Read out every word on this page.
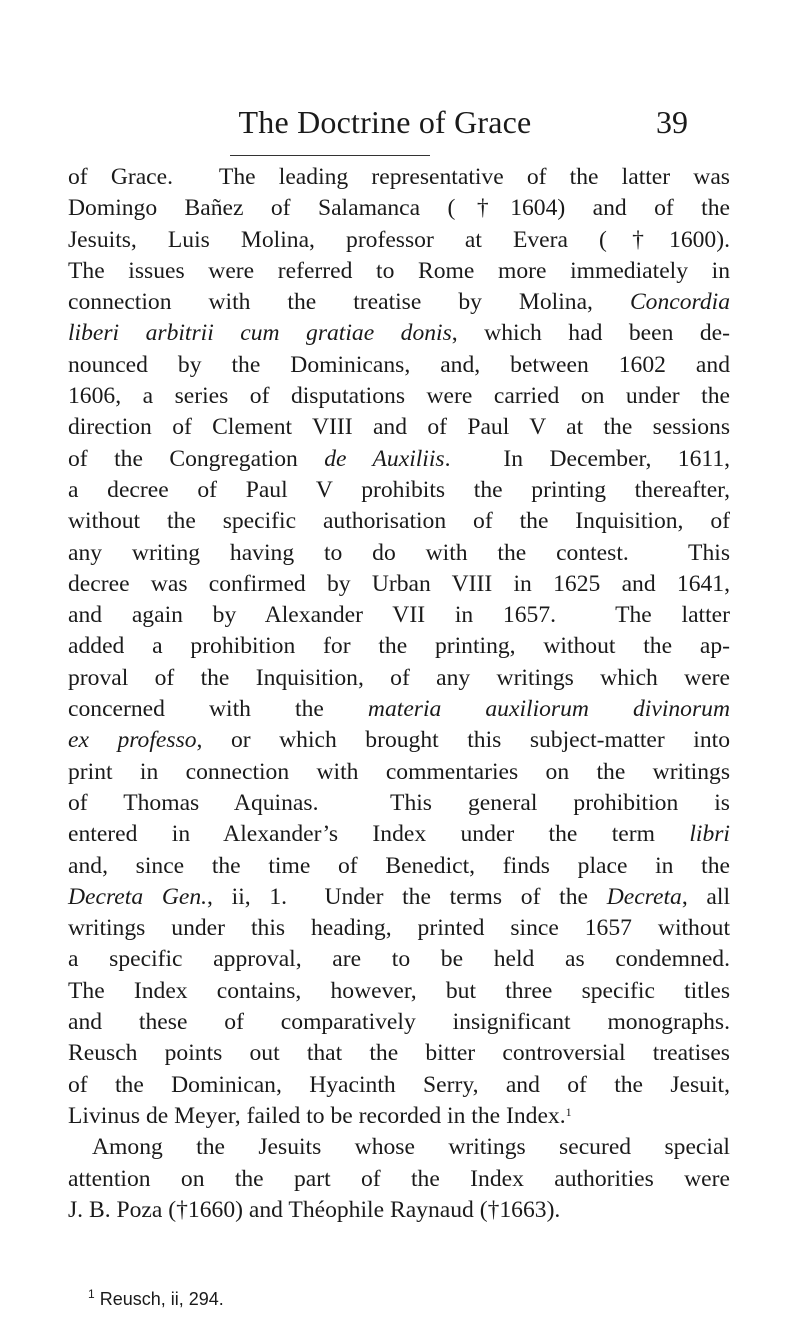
The Doctrine of Grace	39
of Grace.  The leading representative of the latter was
Domingo Bañez of Salamanca (†1604) and of the
Jesuits, Luis Molina, professor at Evera (†1600).
The issues were referred to Rome more immediately in
connection with the treatise by Molina, Concordia
liberi arbitrii cum gratiae donis, which had been de-
nounced by the Dominicans, and, between 1602 and
1606, a series of disputations were carried on under the
direction of Clement VIII and of Paul V at the sessions
of the Congregation de Auxiliis.  In December, 1611,
a decree of Paul V prohibits the printing thereafter,
without the specific authorisation of the Inquisition, of
any writing having to do with the contest.  This
decree was confirmed by Urban VIII in 1625 and 1641,
and again by Alexander VII in 1657.  The latter
added a prohibition for the printing, without the ap-
proval of the Inquisition, of any writings which were
concerned with the materia auxiliorum divinorum
ex professo, or which brought this subject-matter into
print in connection with commentaries on the writings
of Thomas Aquinas.  This general prohibition is
entered in Alexander’s Index under the term libri
and, since the time of Benedict, finds place in the
Decreta Gen., ii, 1.  Under the terms of the Decreta, all
writings under this heading, printed since 1657 without
a specific approval, are to be held as condemned.
The Index contains, however, but three specific titles
and these of comparatively insignificant monographs.
Reusch points out that the bitter controversial treatises
of the Dominican, Hyacinth Serry, and of the Jesuit,
Livinus de Meyer, failed to be recorded in the Index.$^1$
Among the Jesuits whose writings secured special
attention on the part of the Index authorities were
J. B. Poza (†1660) and Théophile Raynaud (†1663).
$^1$ Reusch, ii, 294.
